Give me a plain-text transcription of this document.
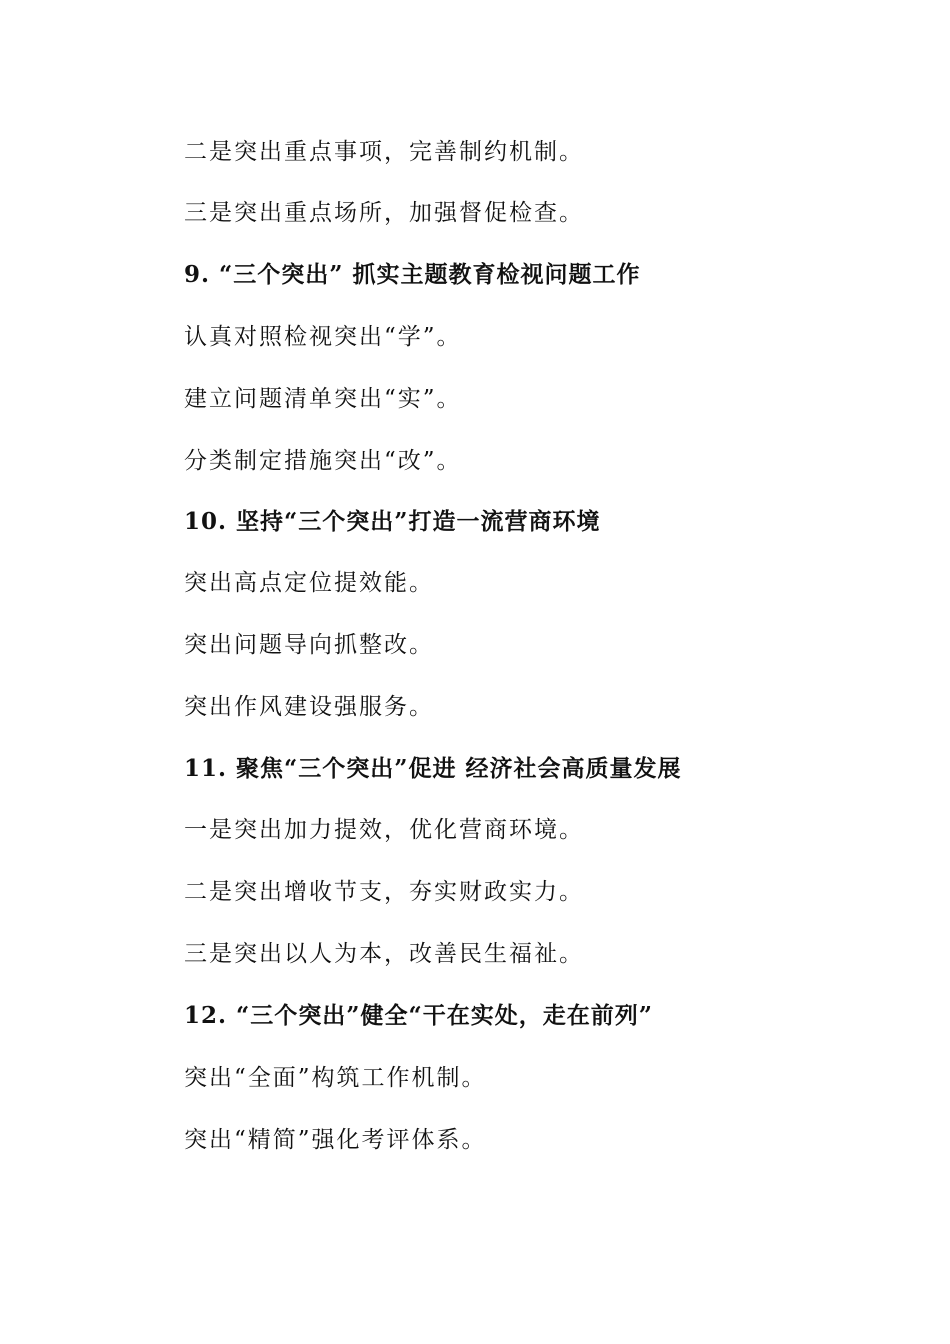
二是突出重点事项，完善制约机制。
三是突出重点场所，加强督促检查。
9. “三个突出” 抓实主题教育检视问题工作
认真对照检视突出“学”。
建立问题清单突出“实”。
分类制定措施突出“改”。
10. 坚持“三个突出”打造一流营商环境
突出高点定位提效能。
突出问题导向抓整改。
突出作风建设强服务。
11. 聚焦“三个突出”促进 经济社会高质量发展
一是突出加力提效，优化营商环境。
二是突出增收节支，夯实财政实力。
三是突出以人为本，改善民生福祉。
12. “三个突出”健全“干在实处，走在前列”
突出“全面”构筑工作机制。
突出“精简”强化考评体系。
